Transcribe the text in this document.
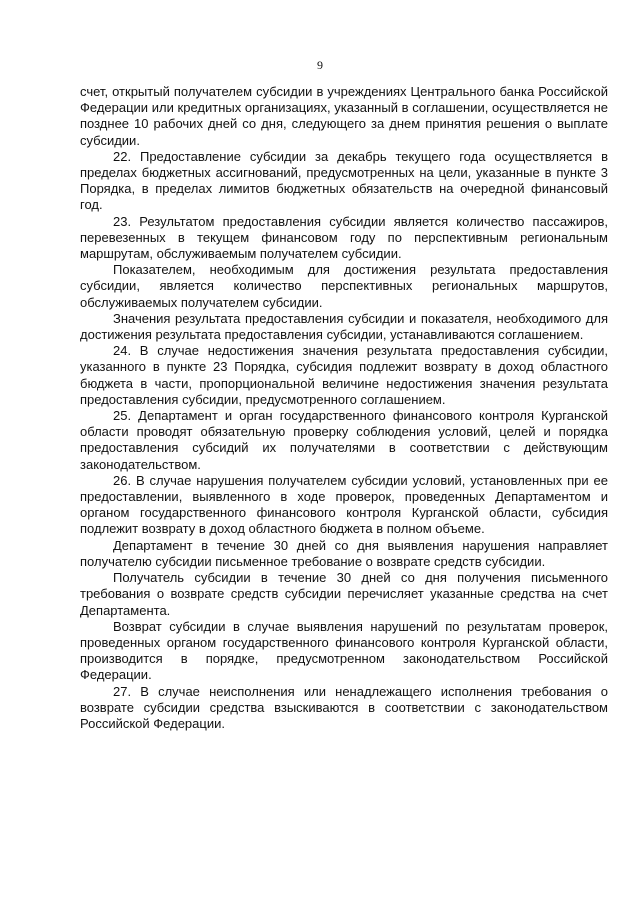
9

счет, открытый получателем субсидии в учреждениях Центрального банка Российской Федерации или кредитных организациях, указанный в соглашении, осуществляется не позднее 10 рабочих дней со дня, следующего за днем принятия решения о выплате субсидии.

22. Предоставление субсидии за декабрь текущего года осуществляется в пределах бюджетных ассигнований, предусмотренных на цели, указанные в пункте 3 Порядка, в пределах лимитов бюджетных обязательств на очередной финансовый год.

23. Результатом предоставления субсидии является количество пассажиров, перевезенных в текущем финансовом году по перспективным региональным маршрутам, обслуживаемым получателем субсидии.

Показателем, необходимым для достижения результата предоставления субсидии, является количество перспективных региональных маршрутов, обслуживаемых получателем субсидии.

Значения результата предоставления субсидии и показателя, необходимого для достижения результата предоставления субсидии, устанавливаются соглашением.

24. В случае недостижения значения результата предоставления субсидии, указанного в пункте 23 Порядка, субсидия подлежит возврату в доход областного бюджета в части, пропорциональной величине недостижения значения результата предоставления субсидии, предусмотренного соглашением.

25. Департамент и орган государственного финансового контроля Курганской области проводят обязательную проверку соблюдения условий, целей и порядка предоставления субсидий их получателями в соответствии с действующим законодательством.

26. В случае нарушения получателем субсидии условий, установленных при ее предоставлении, выявленного в ходе проверок, проведенных Департаментом и органом государственного финансового контроля Курганской области, субсидия подлежит возврату в доход областного бюджета в полном объеме.

Департамент в течение 30 дней со дня выявления нарушения направляет получателю субсидии письменное требование о возврате средств субсидии.

Получатель субсидии в течение 30 дней со дня получения письменного требования о возврате средств субсидии перечисляет указанные средства на счет Департамента.

Возврат субсидии в случае выявления нарушений по результатам проверок, проведенных органом государственного финансового контроля Курганской области, производится в порядке, предусмотренном законодательством Российской Федерации.

27. В случае неисполнения или ненадлежащего исполнения требования о возврате субсидии средства взыскиваются в соответствии с законодательством Российской Федерации.
